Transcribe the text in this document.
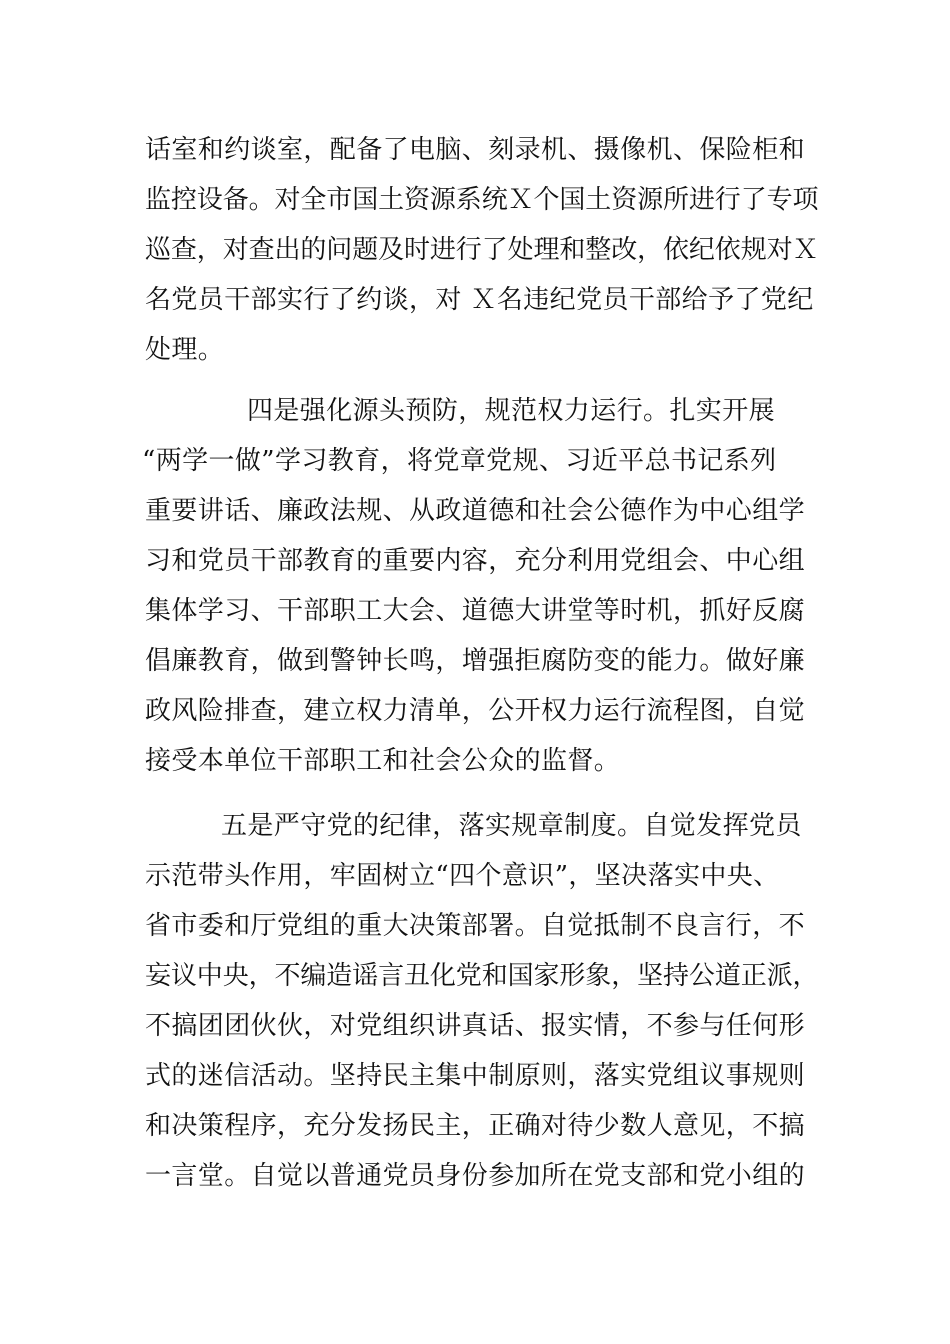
话室和约谈室，配备了电脑、刻录机、摄像机、保险柜和
监控设备。对全市国土资源系统Ｘ个国土资源所进行了专项
巡查，对查出的问题及时进行了处理和整改，依纪依规对Ｘ
名党员干部实行了约谈，对 Ｘ名违纪党员干部给予了党纪
处理。
四是强化源头预防，规范权力运行。扎实开展
“两学一做”学习教育，将党章党规、习近平总书记系列
重要讲话、廉政法规、从政道德和社会公德作为中心组学
习和党员干部教育的重要内容，充分利用党组会、中心组
集体学习、干部职工大会、道德大讲堂等时机，抓好反腐
倡廉教育，做到警钟长鸣，增强拒腐防变的能力。做好廉
政风险排查，建立权力清单，公开权力运行流程图，自觉
接受本单位干部职工和社会公众的监督。
五是严守党的纪律，落实规章制度。自觉发挥党员
示范带头作用，牢固树立“四个意识”，坚决落实中央、
省市委和厅党组的重大决策部署。自觉抵制不良言行，不
妄议中央，不编造谣言丑化党和国家形象，坚持公道正派，
不搞团团伙伙，对党组织讲真话、报实情，不参与任何形
式的迷信活动。坚持民主集中制原则，落实党组议事规则
和决策程序，充分发扬民主，正确对待少数人意见，不搞
一言堂。自觉以普通党员身份参加所在党支部和党小组的
